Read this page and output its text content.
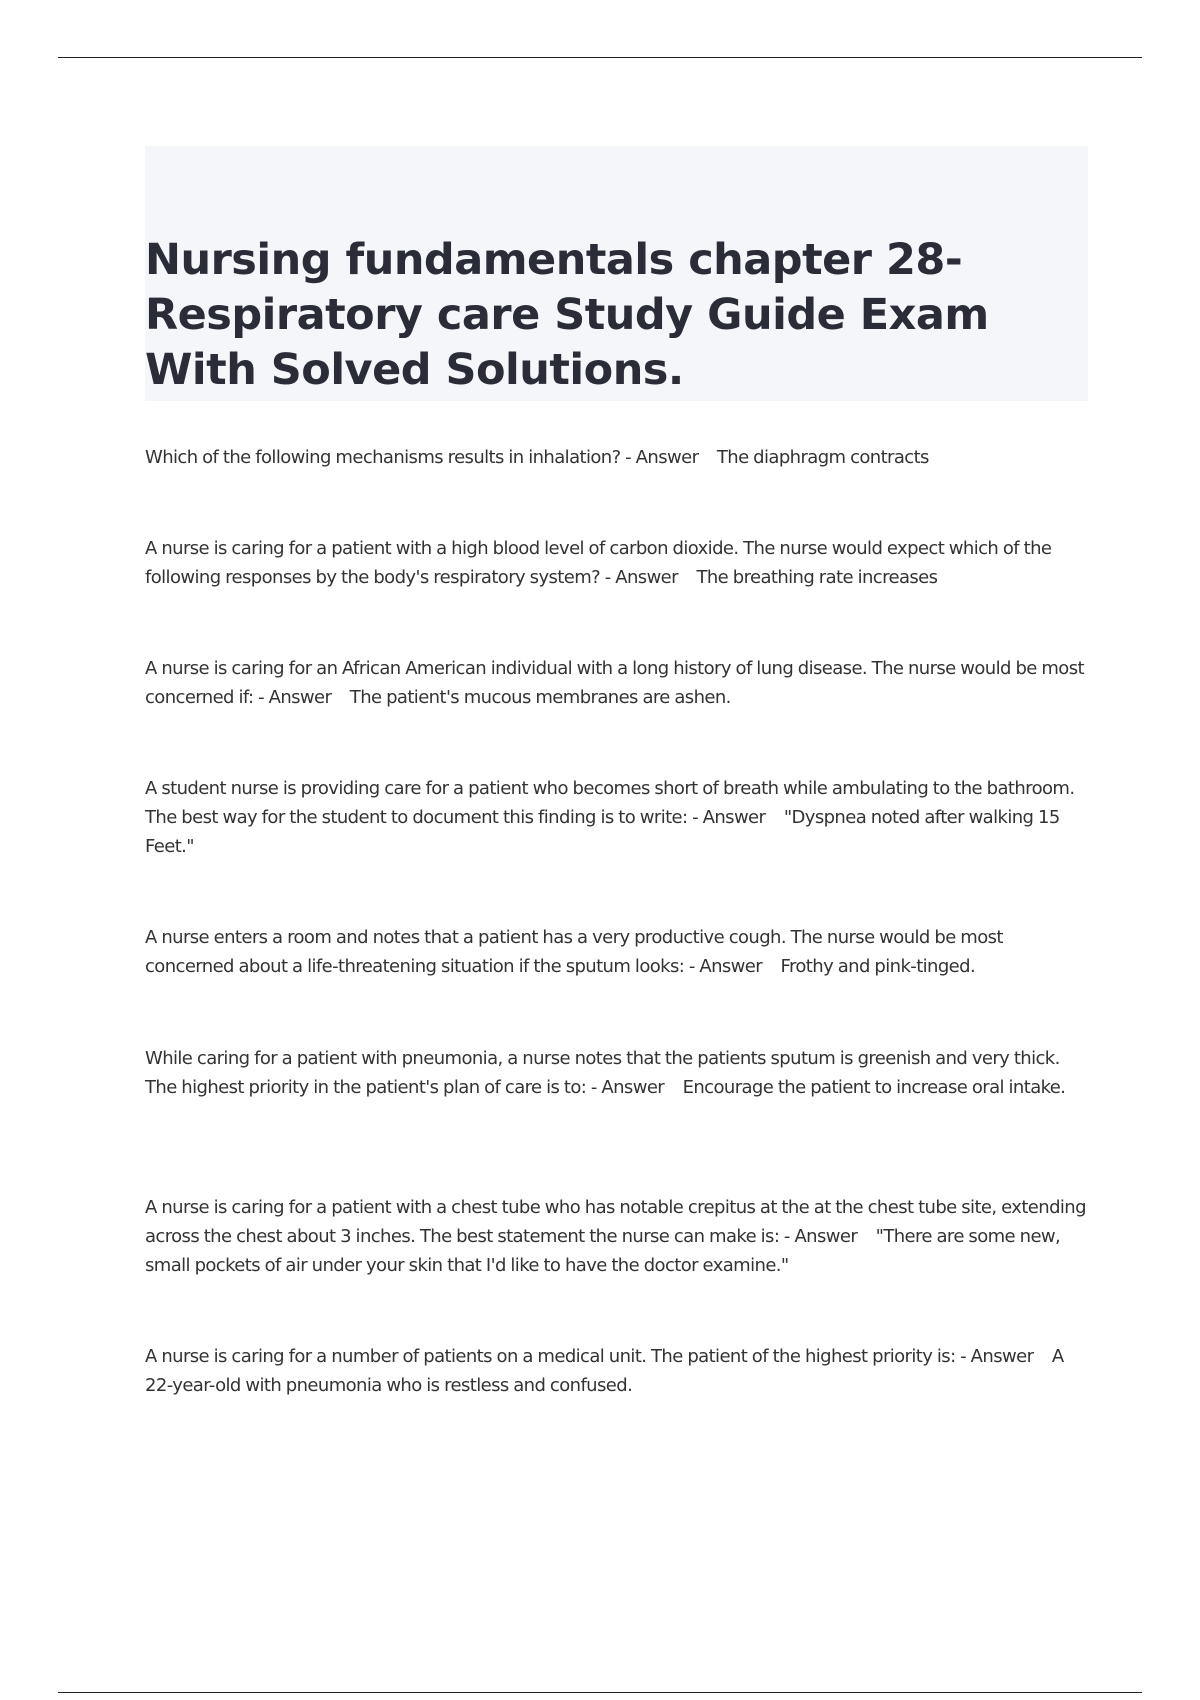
Nursing fundamentals chapter 28-Respiratory care Study Guide Exam With Solved Solutions.

Which of the following mechanisms results in inhalation? - Answer    The diaphragm contracts

A nurse is caring for a patient with a high blood level of carbon dioxide. The nurse would expect which of the following responses by the body's respiratory system? - Answer    The breathing rate increases

A nurse is caring for an African American individual with a long history of lung disease. The nurse would be most concerned if: - Answer    The patient's mucous membranes are ashen.

A student nurse is providing care for a patient who becomes short of breath while ambulating to the bathroom. The best way for the student to document this finding is to write: - Answer    "Dyspnea noted after walking 15 Feet."

A nurse enters a room and notes that a patient has a very productive cough. The nurse would be most concerned about a life-threatening situation if the sputum looks: - Answer    Frothy and pink-tinged.

While caring for a patient with pneumonia, a nurse notes that the patients sputum is greenish and very thick. The highest priority in the patient's plan of care is to: - Answer    Encourage the patient to increase oral intake.

A nurse is caring for a patient with a chest tube who has notable crepitus at the at the chest tube site, extending across the chest about 3 inches. The best statement the nurse can make is: - Answer    "There are some new, small pockets of air under your skin that I'd like to have the doctor examine."

A nurse is caring for a number of patients on a medical unit. The patient of the highest priority is: - Answer    A 22-year-old with pneumonia who is restless and confused.
